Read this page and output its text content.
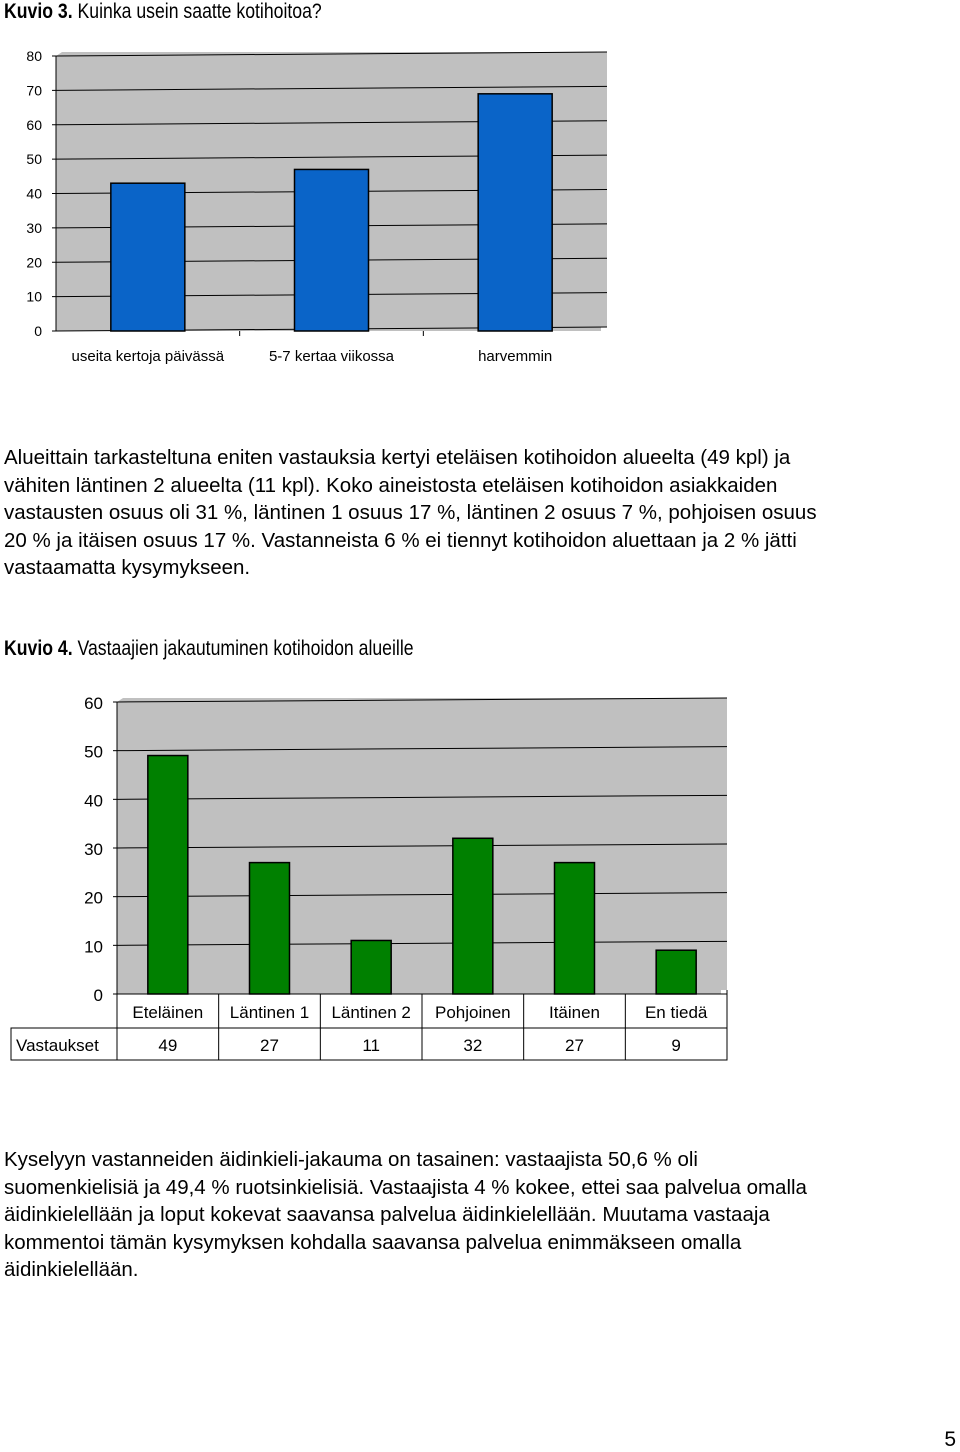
Kuvio 3. Kuinka usein saatte kotihoitoa?
0
10
20
30
40
50
60
70
80
useita kertoja päivässä	5-7 kertaa viikossa	harvemmin
Alueittain tarkasteltuna eniten vastauksia kertyi eteläisen kotihoidon alueelta (49 kpl) ja
vähiten läntinen 2 alueelta (11 kpl). Koko aineistosta eteläisen kotihoidon asiakkaiden
vastausten osuus oli 31 %, läntinen 1 osuus 17 %, läntinen 2 osuus 7 %, pohjoisen osuus
20 % ja itäisen osuus 17 %. Vastanneista 6 % ei tiennyt kotihoidon aluettaan ja 2 % jätti
vastaamatta kysymykseen.
Kuvio 4. Vastaajien jakautuminen kotihoidon alueille
0
10
20
30
40
50
60
Vastaukset
Eteläinen
49
Läntinen 1
27
Läntinen 2
11
Pohjoinen
32
Itäinen
27
En tiedä
9
Kyselyyn vastanneiden äidinkieli-jakauma on tasainen: vastaajista 50,6 % oli
suomenkielisiä ja 49,4 % ruotsinkielisiä. Vastaajista 4 % kokee, ettei saa palvelua omalla
äidinkielellään ja loput kokevat saavansa palvelua äidinkielellään. Muutama vastaaja
kommentoi tämän kysymyksen kohdalla saavansa palvelua enimmäkseen omalla
äidinkielellään.
5
